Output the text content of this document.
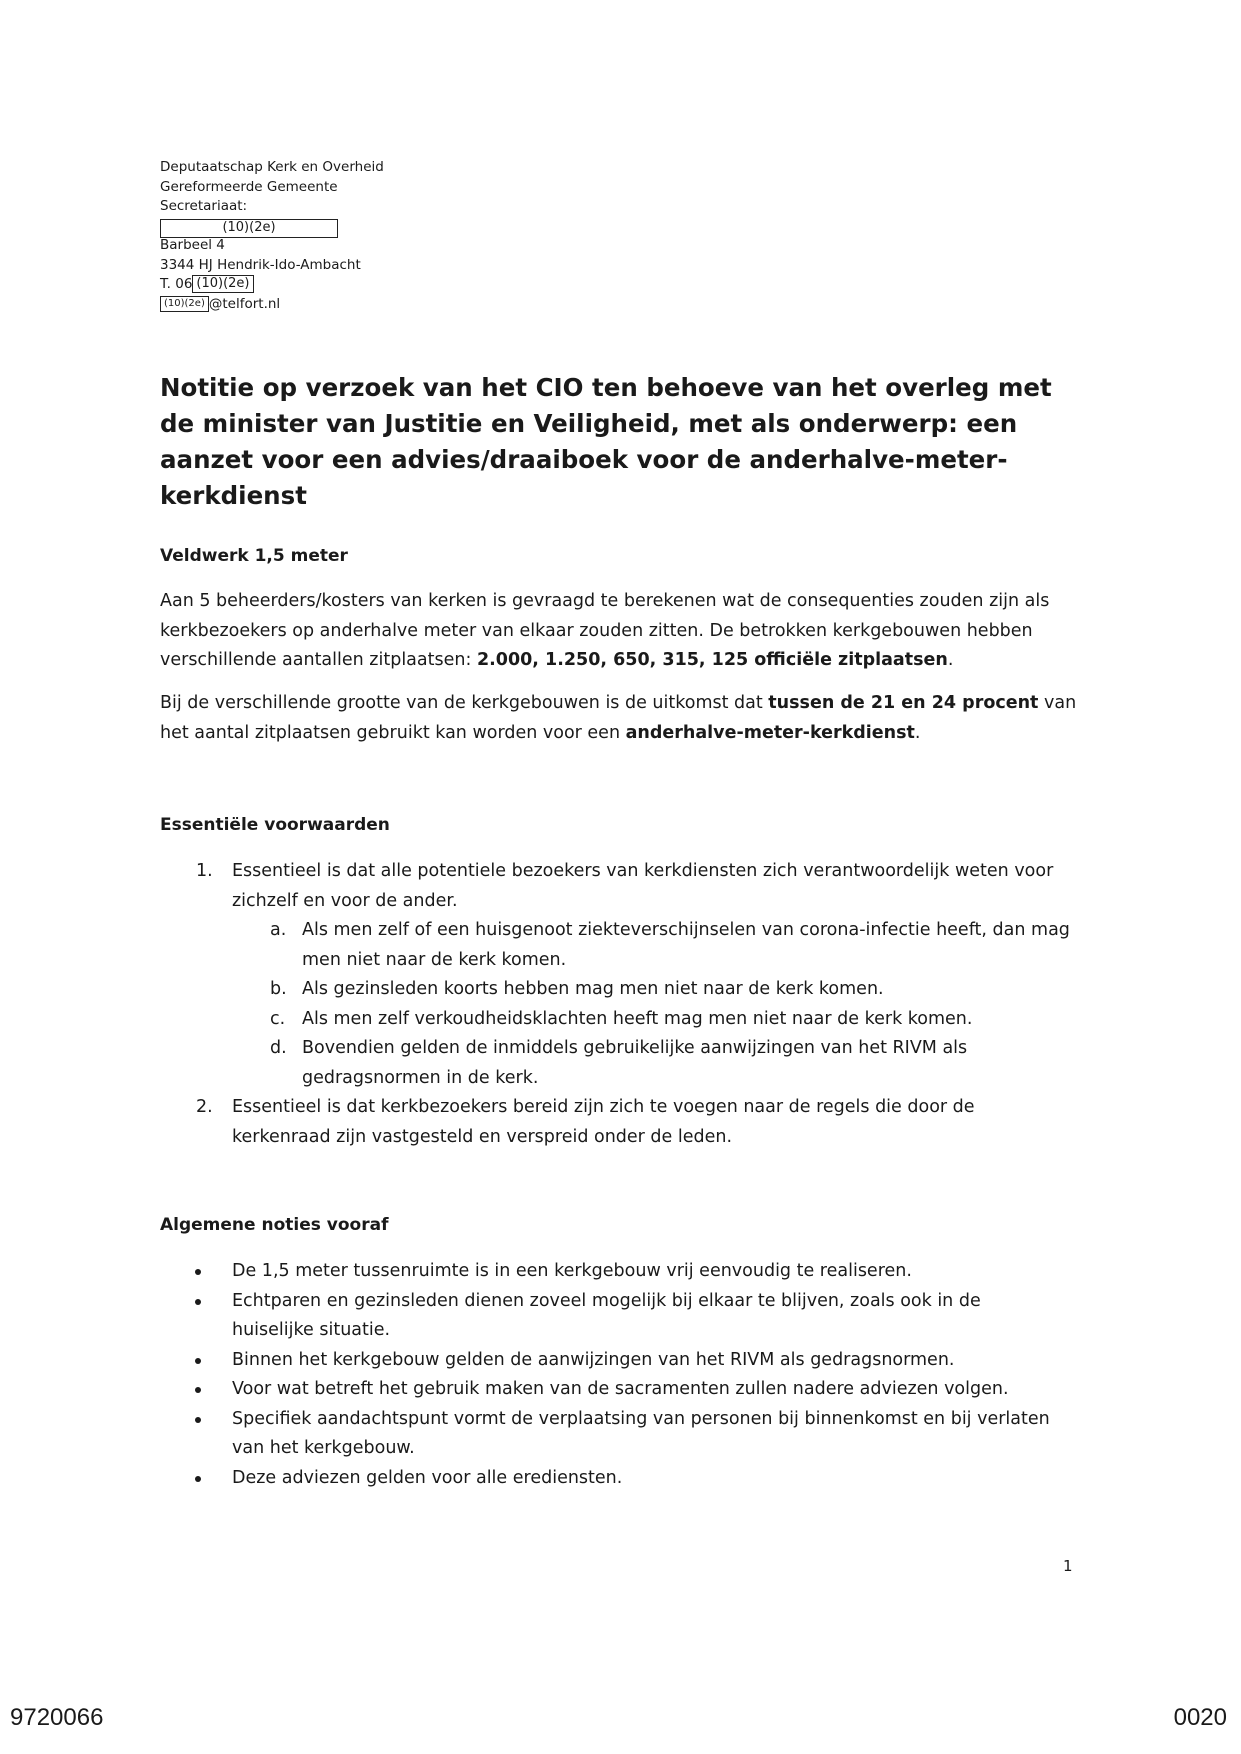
Deputaatschap Kerk en Overheid
Gereformeerde Gemeente
Secretariaat:
(10)(2e)
Barbeel 4
3344 HJ Hendrik-Ido-Ambacht
T. 06 (10)(2e)
(10)(2e) @telfort.nl
Notitie op verzoek van het CIO ten behoeve van het overleg met de minister van Justitie en Veiligheid, met als onderwerp: een aanzet voor een advies/draaiboek voor de anderhalve-meter-kerkdienst
Veldwerk 1,5 meter
Aan 5 beheerders/kosters van kerken is gevraagd te berekenen wat de consequenties zouden zijn als kerkbezoekers op anderhalve meter van elkaar zouden zitten. De betrokken kerkgebouwen hebben verschillende aantallen zitplaatsen: 2.000, 1.250, 650, 315, 125 officiële zitplaatsen.
Bij de verschillende grootte van de kerkgebouwen is de uitkomst dat tussen de 21 en 24 procent van het aantal zitplaatsen gebruikt kan worden voor een anderhalve-meter-kerkdienst.
Essentiële voorwaarden
1. Essentieel is dat alle potentiele bezoekers van kerkdiensten zich verantwoordelijk weten voor zichzelf en voor de ander.
a. Als men zelf of een huisgenoot ziekteverschijnselen van corona-infectie heeft, dan mag men niet naar de kerk komen.
b. Als gezinsleden koorts hebben mag men niet naar de kerk komen.
c. Als men zelf verkoudheidsklachten heeft mag men niet naar de kerk komen.
d. Bovendien gelden de inmiddels gebruikelijke aanwijzingen van het RIVM als gedragsnormen in de kerk.
2. Essentieel is dat kerkbezoekers bereid zijn zich te voegen naar de regels die door de kerkenraad zijn vastgesteld en verspreid onder de leden.
Algemene noties vooraf
De 1,5 meter tussenruimte is in een kerkgebouw vrij eenvoudig te realiseren.
Echtparen en gezinsleden dienen zoveel mogelijk bij elkaar te blijven, zoals ook in de huiselijke situatie.
Binnen het kerkgebouw gelden de aanwijzingen van het RIVM als gedragsnormen.
Voor wat betreft het gebruik maken van de sacramenten zullen nadere adviezen volgen.
Specifiek aandachtspunt vormt de verplaatsing van personen bij binnenkomst en bij verlaten van het kerkgebouw.
Deze adviezen gelden voor alle erediensten.
1
9720066	0020
